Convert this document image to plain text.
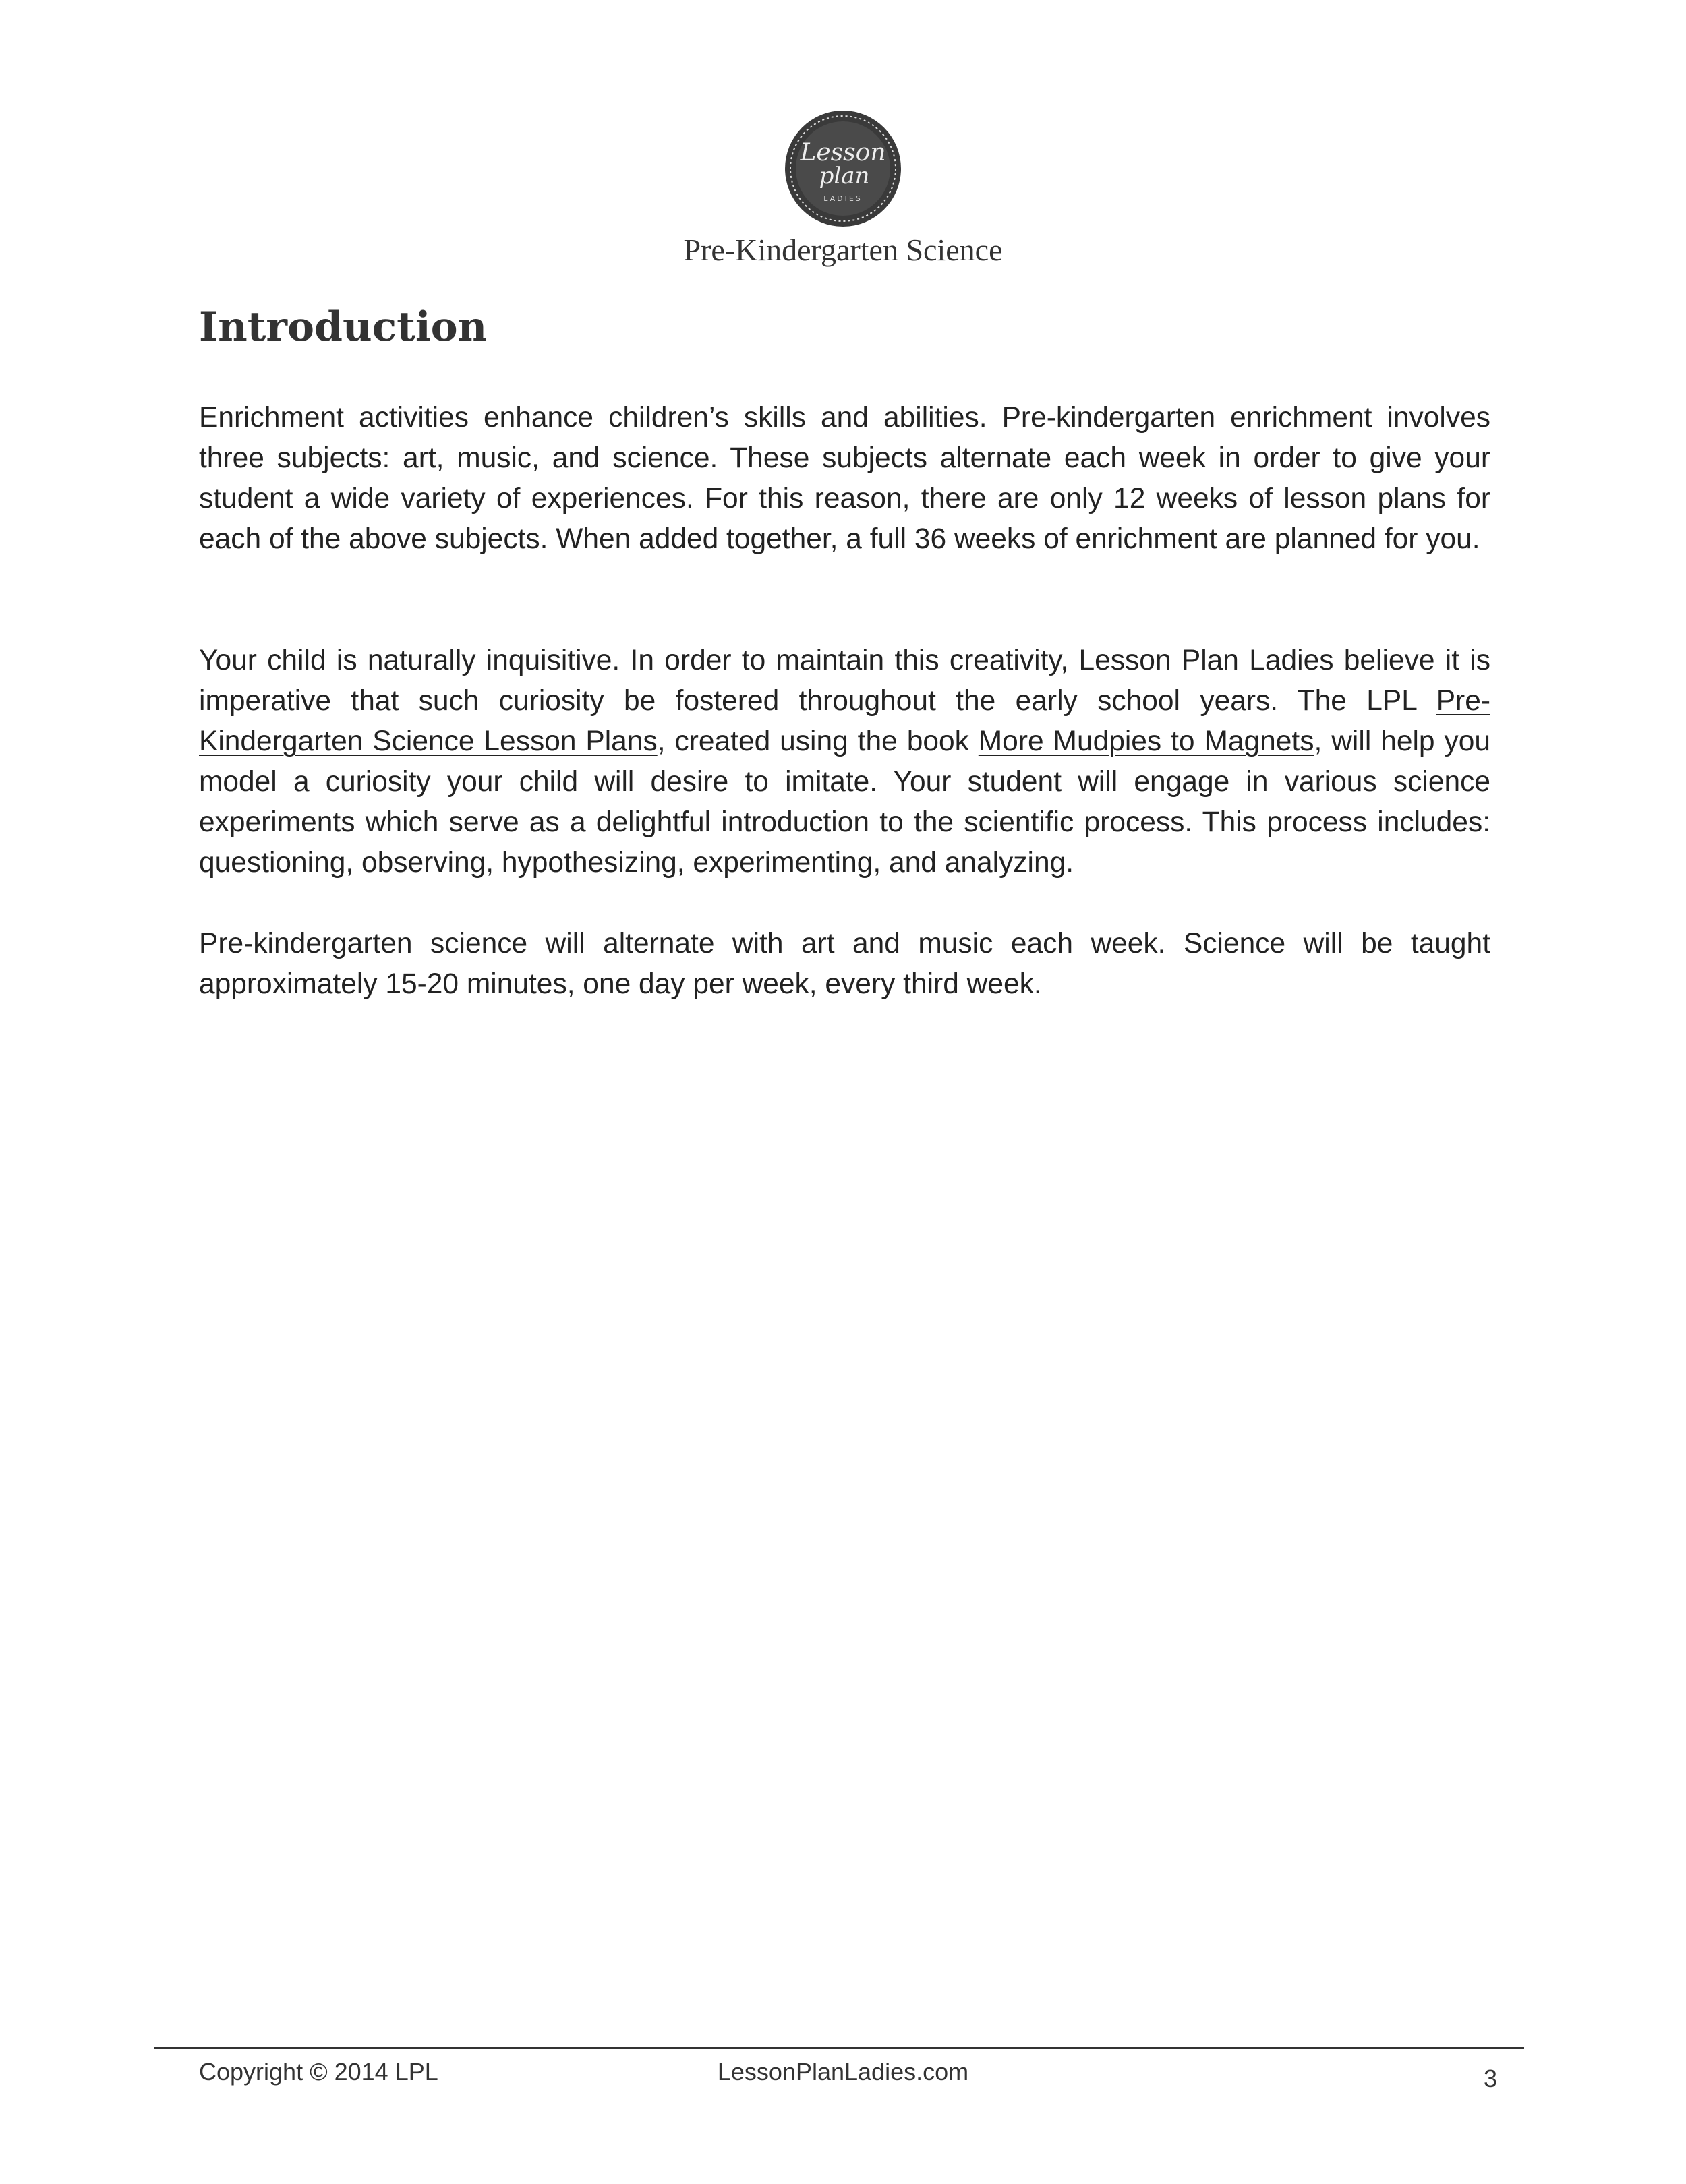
Lesson
plan
LADIES
Pre-Kindergarten Science
Introduction

Enrichment activities enhance children’s skills and abilities. Pre-kindergarten enrichment involves three subjects: art, music, and science. These subjects alternate each week in order to give your student a wide variety of experiences. For this reason, there are only 12 weeks of lesson plans for each of the above subjects. When added together, a full 36 weeks of enrichment are planned for you.

Your child is naturally inquisitive. In order to maintain this creativity, Lesson Plan Ladies believe it is imperative that such curiosity be fostered throughout the early school years. The LPL Pre-Kindergarten Science Lesson Plans, created using the book More Mudpies to Magnets, will help you model a curiosity your child will desire to imitate. Your student will engage in various science experiments which serve as a delightful introduction to the scientific process. This process includes: questioning, observing, hypothesizing, experimenting, and analyzing.

Pre-kindergarten science will alternate with art and music each week. Science will be taught approximately 15-20 minutes, one day per week, every third week.

Copyright © 2014 LPL	LessonPlanLadies.com	3
